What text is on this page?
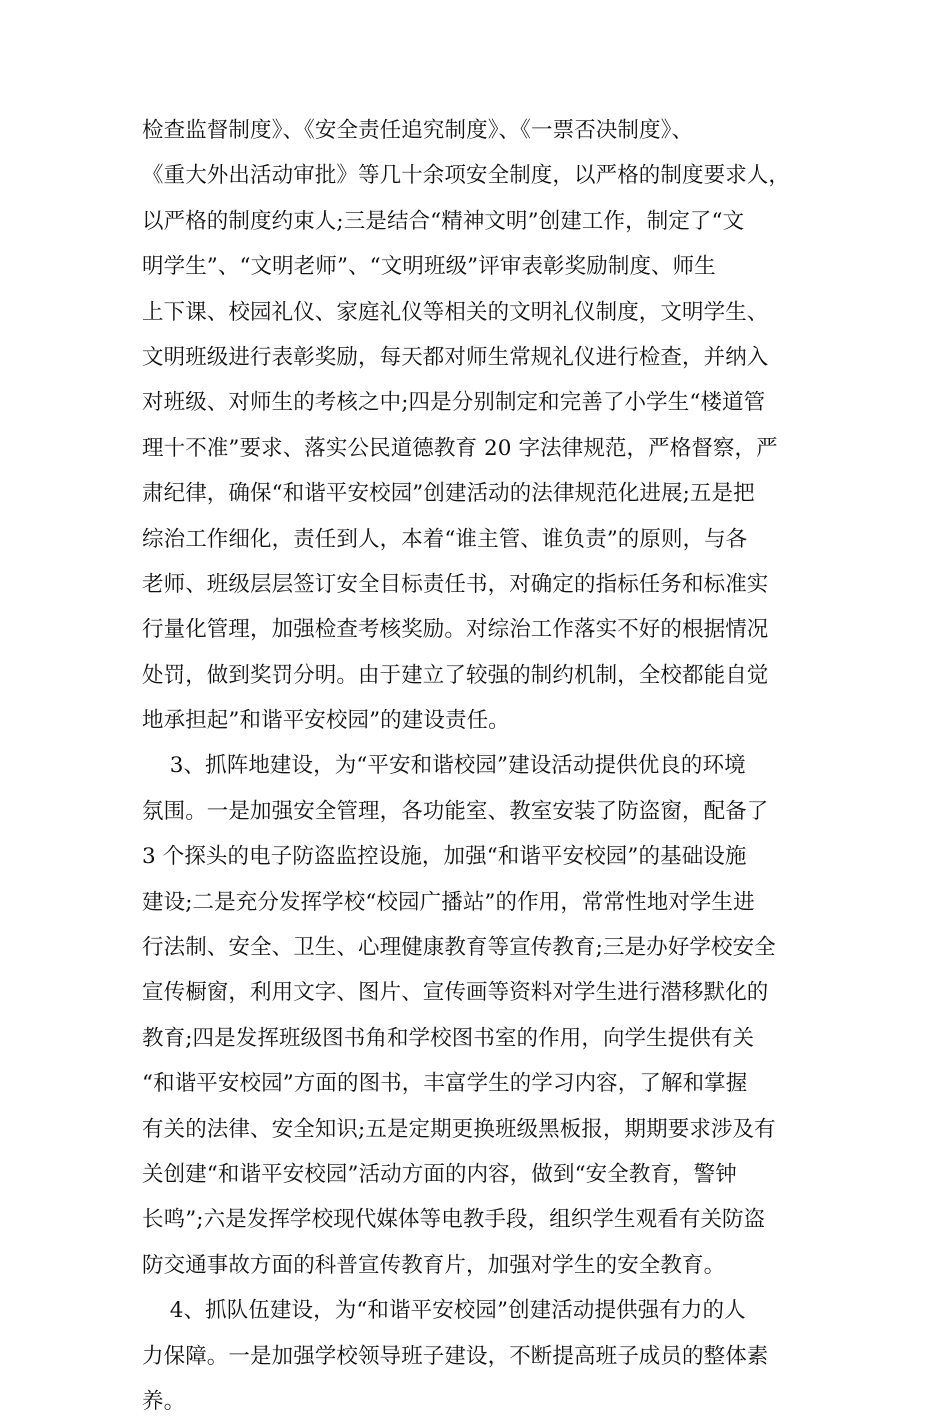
检查监督制度》、《安全责任追究制度》、《一票否决制度》、
《重大外出活动审批》等几十余项安全制度，以严格的制度要求人，
以严格的制度约束人;三是结合“精神文明”创建工作，制定了“文
明学生”、“文明老师”、“文明班级”评审表彰奖励制度、师生
上下课、校园礼仪、家庭礼仪等相关的文明礼仪制度，文明学生、
文明班级进行表彰奖励，每天都对师生常规礼仪进行检查，并纳入
对班级、对师生的考核之中;四是分别制定和完善了小学生“楼道管
理十不准”要求、落实公民道德教育 20 字法律规范，严格督察，严
肃纪律，确保“和谐平安校园”创建活动的法律规范化进展;五是把
综治工作细化，责任到人，本着“谁主管、谁负责”的原则，与各
老师、班级层层签订安全目标责任书，对确定的指标任务和标准实
行量化管理，加强检查考核奖励。对综治工作落实不好的根据情况
处罚，做到奖罚分明。由于建立了较强的制约机制，全校都能自觉
地承担起”和谐平安校园”的建设责任。
3、抓阵地建设，为“平安和谐校园”建设活动提供优良的环境
氛围。一是加强安全管理，各功能室、教室安装了防盗窗，配备了
3 个探头的电子防盗监控设施，加强“和谐平安校园”的基础设施
建设;二是充分发挥学校“校园广播站”的作用，常常性地对学生进
行法制、安全、卫生、心理健康教育等宣传教育;三是办好学校安全
宣传橱窗，利用文字、图片、宣传画等资料对学生进行潜移默化的
教育;四是发挥班级图书角和学校图书室的作用，向学生提供有关
“和谐平安校园”方面的图书，丰富学生的学习内容，了解和掌握
有关的法律、安全知识;五是定期更换班级黑板报，期期要求涉及有
关创建“和谐平安校园”活动方面的内容，做到“安全教育，警钟
长鸣”;六是发挥学校现代媒体等电教手段，组织学生观看有关防盗
防交通事故方面的科普宣传教育片，加强对学生的安全教育。
4、抓队伍建设，为“和谐平安校园”创建活动提供强有力的人
力保障。一是加强学校领导班子建设，不断提高班子成员的整体素
养。
